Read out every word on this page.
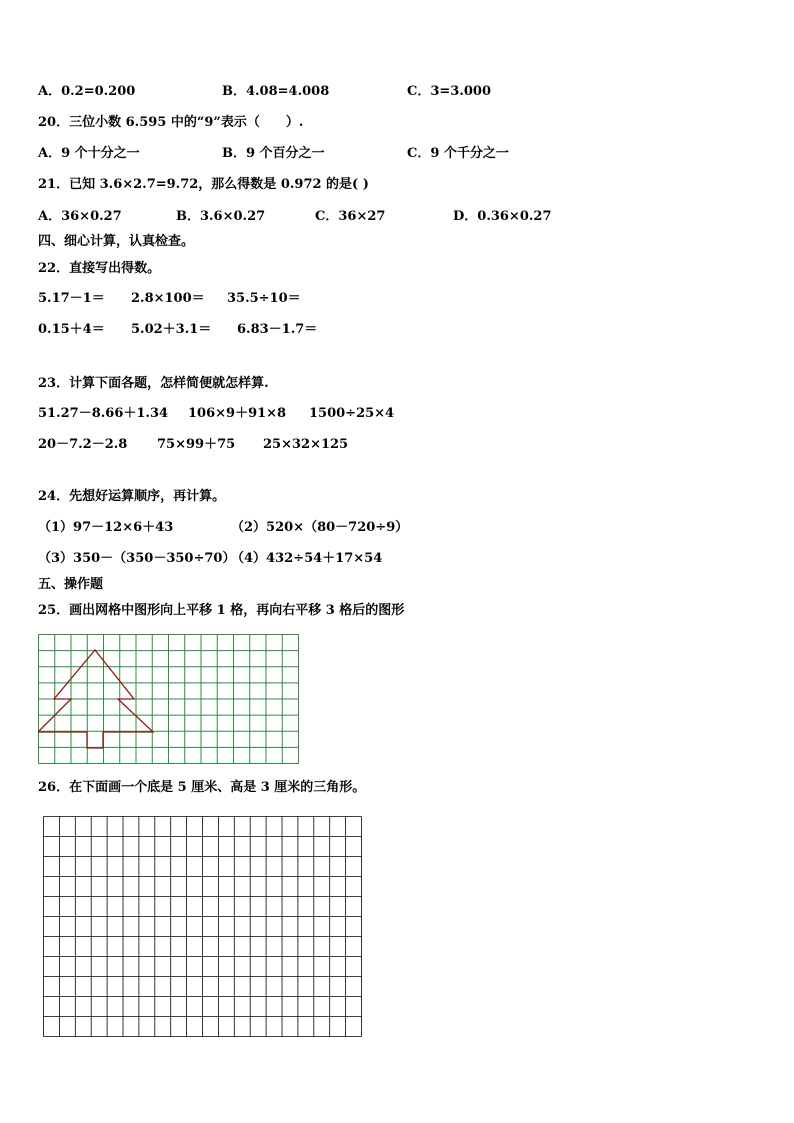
A．0.2=0.200	B．4.08=4.008	C．3=3.000
20．三位小数 6.595 中的“9”表示（　　）.
A．9 个十分之一	B．9 个百分之一	C．9 个千分之一
21．已知 3.6×2.7=9.72，那么得数是 0.972 的是( )
A．36×0.27	B．3.6×0.27	C．36×27	D．0.36×0.27
四、细心计算，认真检查。
22．直接写出得数。
5.17－1＝ 2.8×100＝ 35.5÷10＝
0.15＋4＝ 5.02＋3.1＝ 6.83－1.7＝
23．计算下面各题，怎样简便就怎样算.
51.27－8.66＋1.34 106×9＋91×8 1500÷25×4
20－7.2－2.8 75×99＋75 25×32×125
24．先想好运算顺序，再计算。
（1）97－12×6＋43	（2）520×（80－720÷9）
（3）350－（350－350÷70）
（4）432÷54＋17×54
五、操作题
25．画出网格中图形向上平移 1 格，再向右平移 3 格后的图形
26．在下面画一个底是 5 厘米、高是 3 厘米的三角形。
